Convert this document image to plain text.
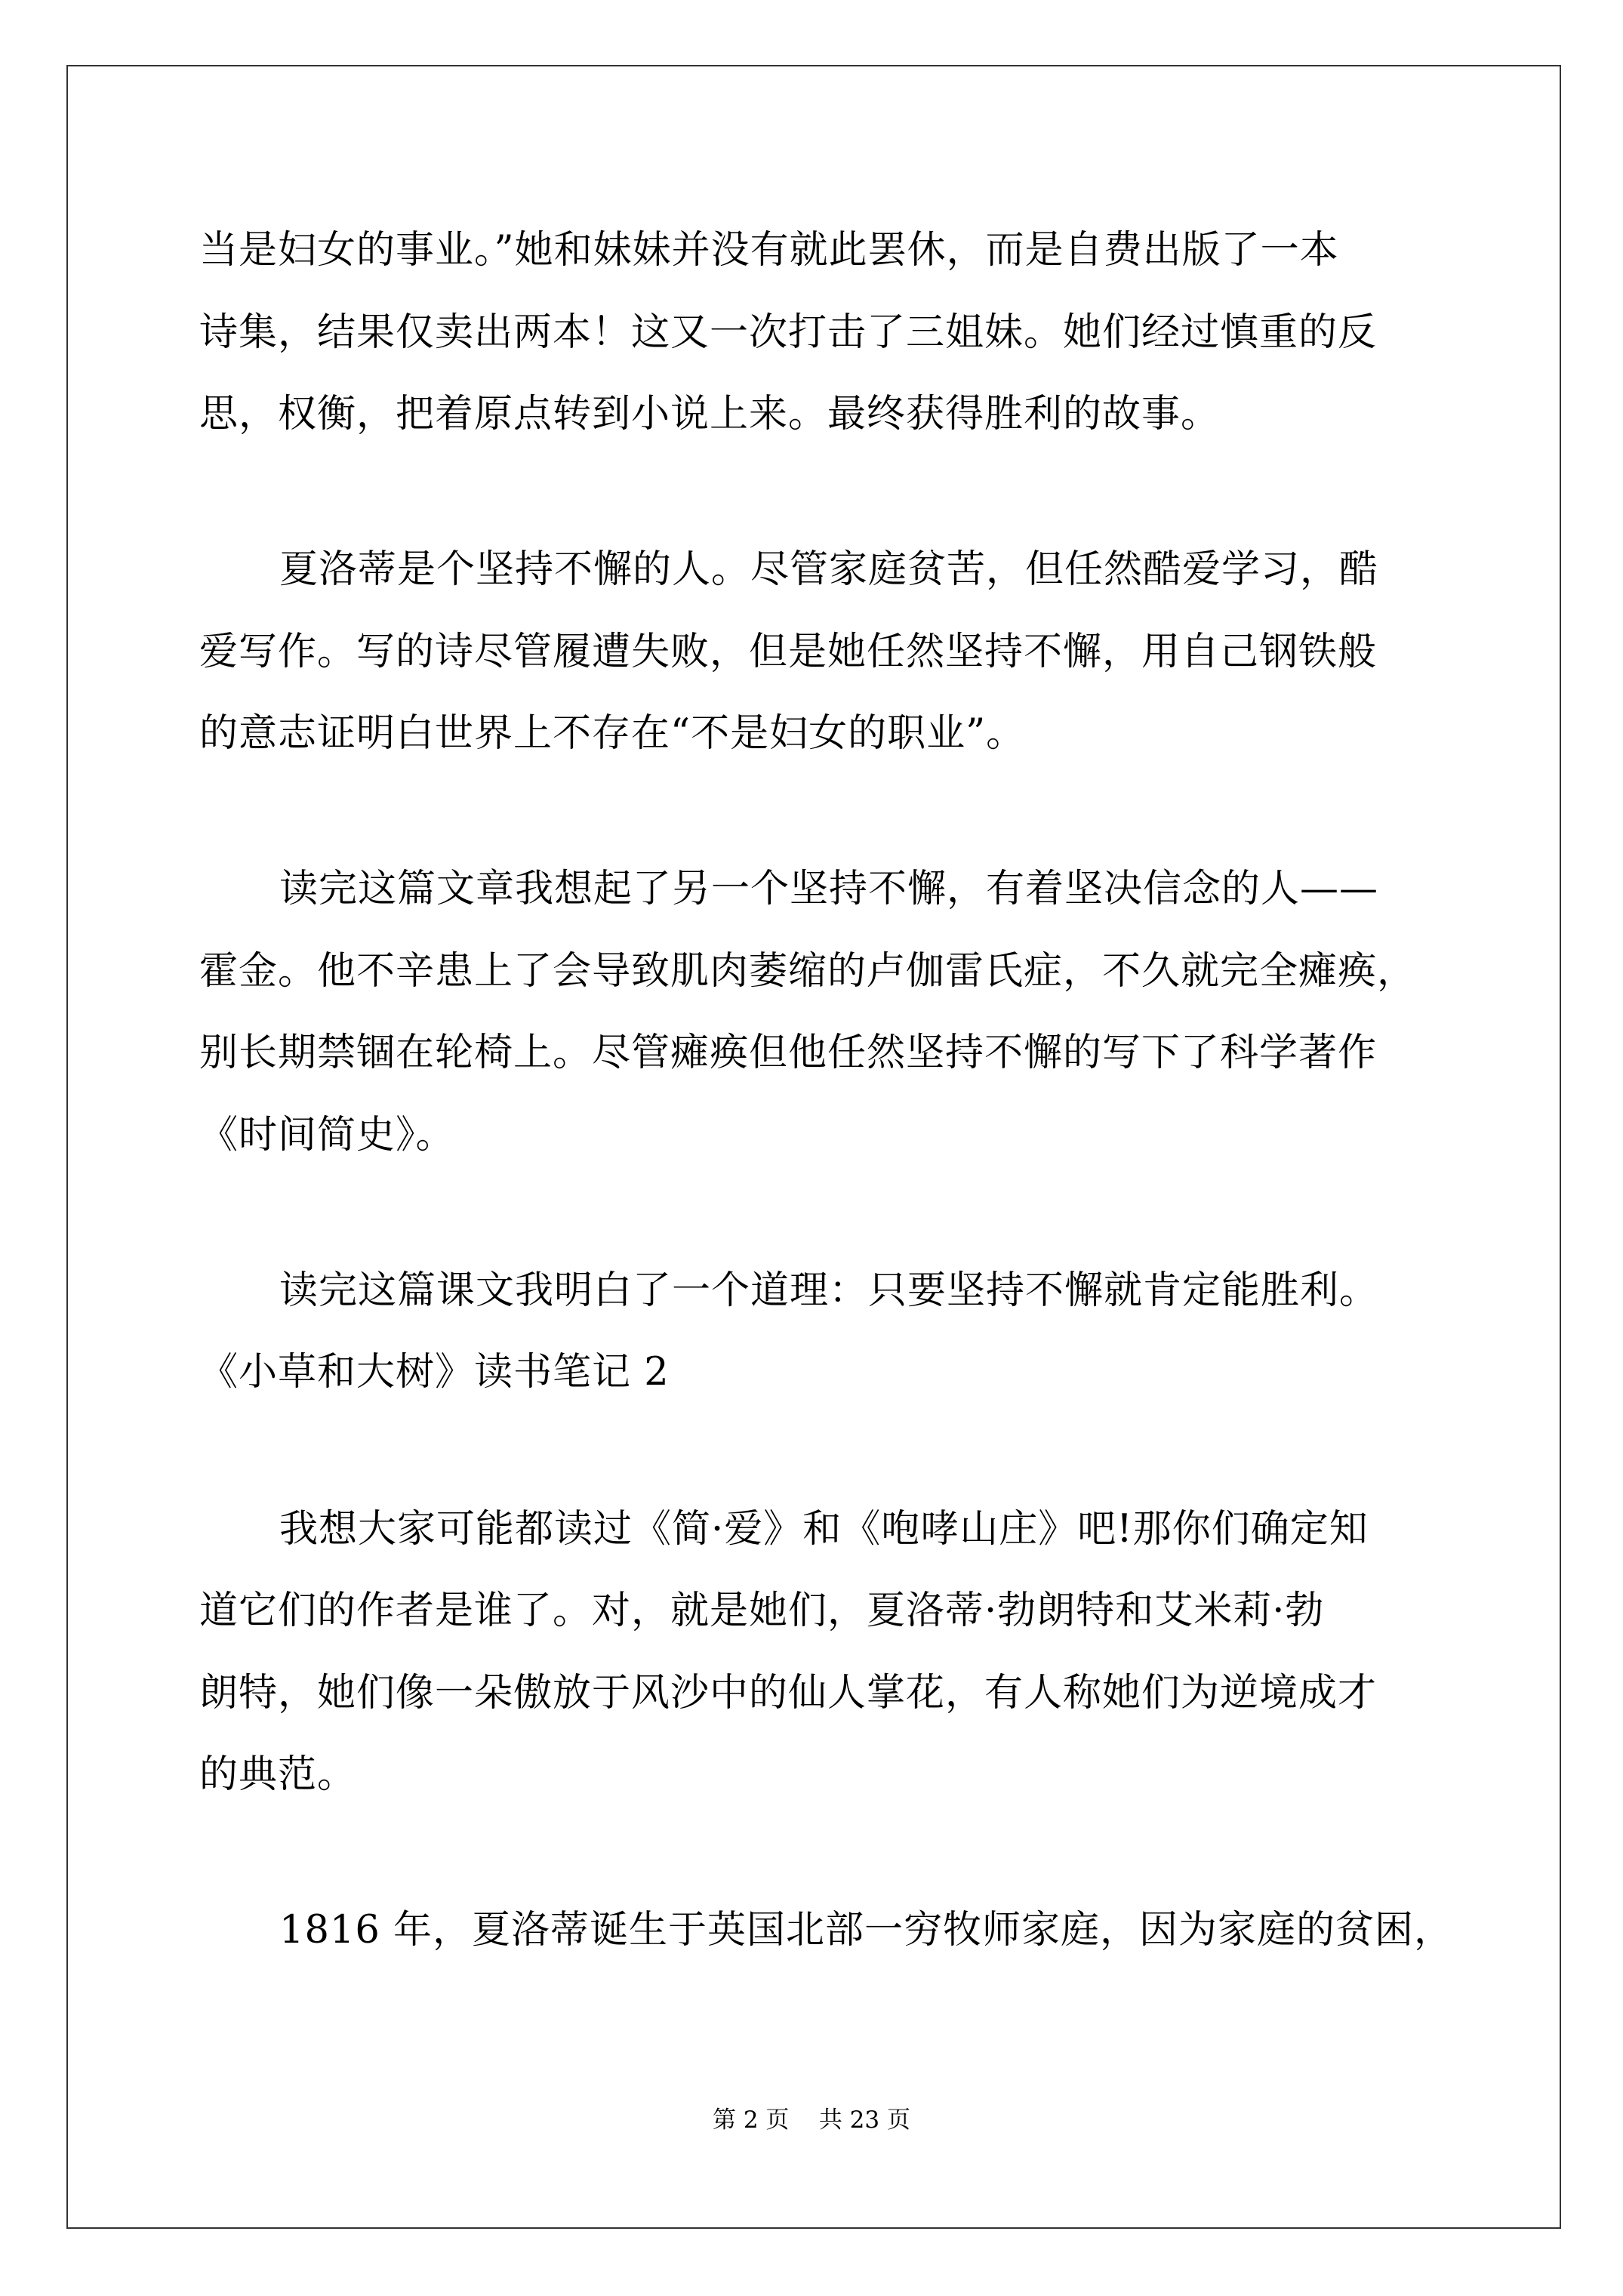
当是妇女的事业。”她和妹妹并没有就此罢休，而是自费出版了一本
诗集，结果仅卖出两本！这又一次打击了三姐妹。她们经过慎重的反
思，权衡，把着原点转到小说上来。最终获得胜利的故事。
夏洛蒂是个坚持不懈的人。尽管家庭贫苦，但任然酷爱学习，酷
爱写作。写的诗尽管履遭失败，但是她任然坚持不懈，用自己钢铁般
的意志证明白世界上不存在“不是妇女的职业”。
读完这篇文章我想起了另一个坚持不懈，有着坚决信念的人——
霍金。他不辛患上了会导致肌肉萎缩的卢伽雷氏症，不久就完全瘫痪，
别长期禁锢在轮椅上。尽管瘫痪但他任然坚持不懈的写下了科学著作
《时间简史》。
读完这篇课文我明白了一个道理：只要坚持不懈就肯定能胜利。
《小草和大树》读书笔记 2
我想大家可能都读过《简·爱》和《咆哮山庄》吧!那你们确定知
道它们的作者是谁了。对，就是她们，夏洛蒂·勃朗特和艾米莉·勃
朗特，她们像一朵傲放于风沙中的仙人掌花，有人称她们为逆境成才
的典范。
1816 年，夏洛蒂诞生于英国北部一穷牧师家庭，因为家庭的贫困，
第 2 页    共 23 页
